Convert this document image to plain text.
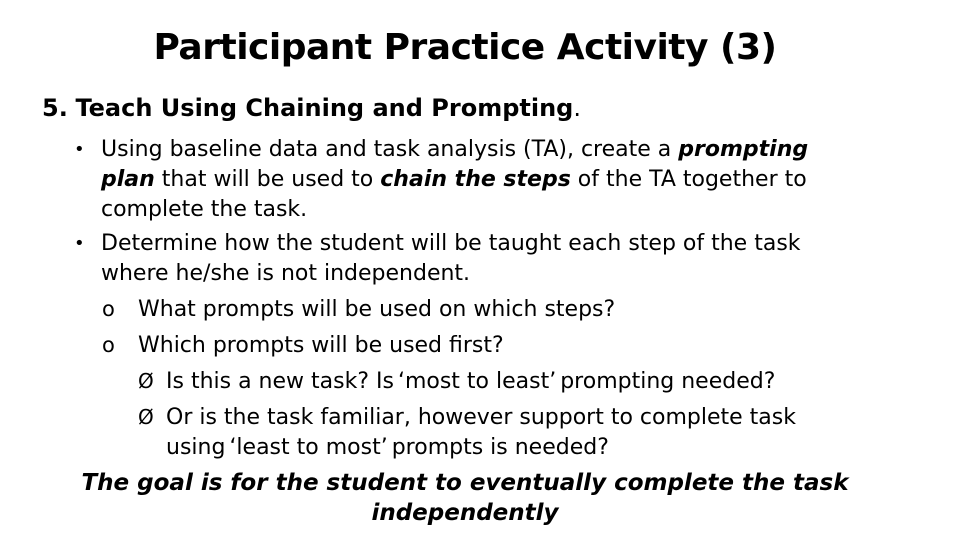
Participant Practice Activity (3)
5. Teach Using Chaining and Prompting.
• Using baseline data and task analysis (TA), create a prompting
plan that will be used to chain the steps of the TA together to
complete the task.
• Determine how the student will be taught each step of the task
where he/she is not independent.
o What prompts will be used on which steps?
o Which prompts will be used first?
Ø Is this a new task? Is ‘most to least’ prompting needed?
Ø Or is the task familiar, however support to complete task
using ‘least to most’ prompts is needed?
The goal is for the student to eventually complete the task
independently
